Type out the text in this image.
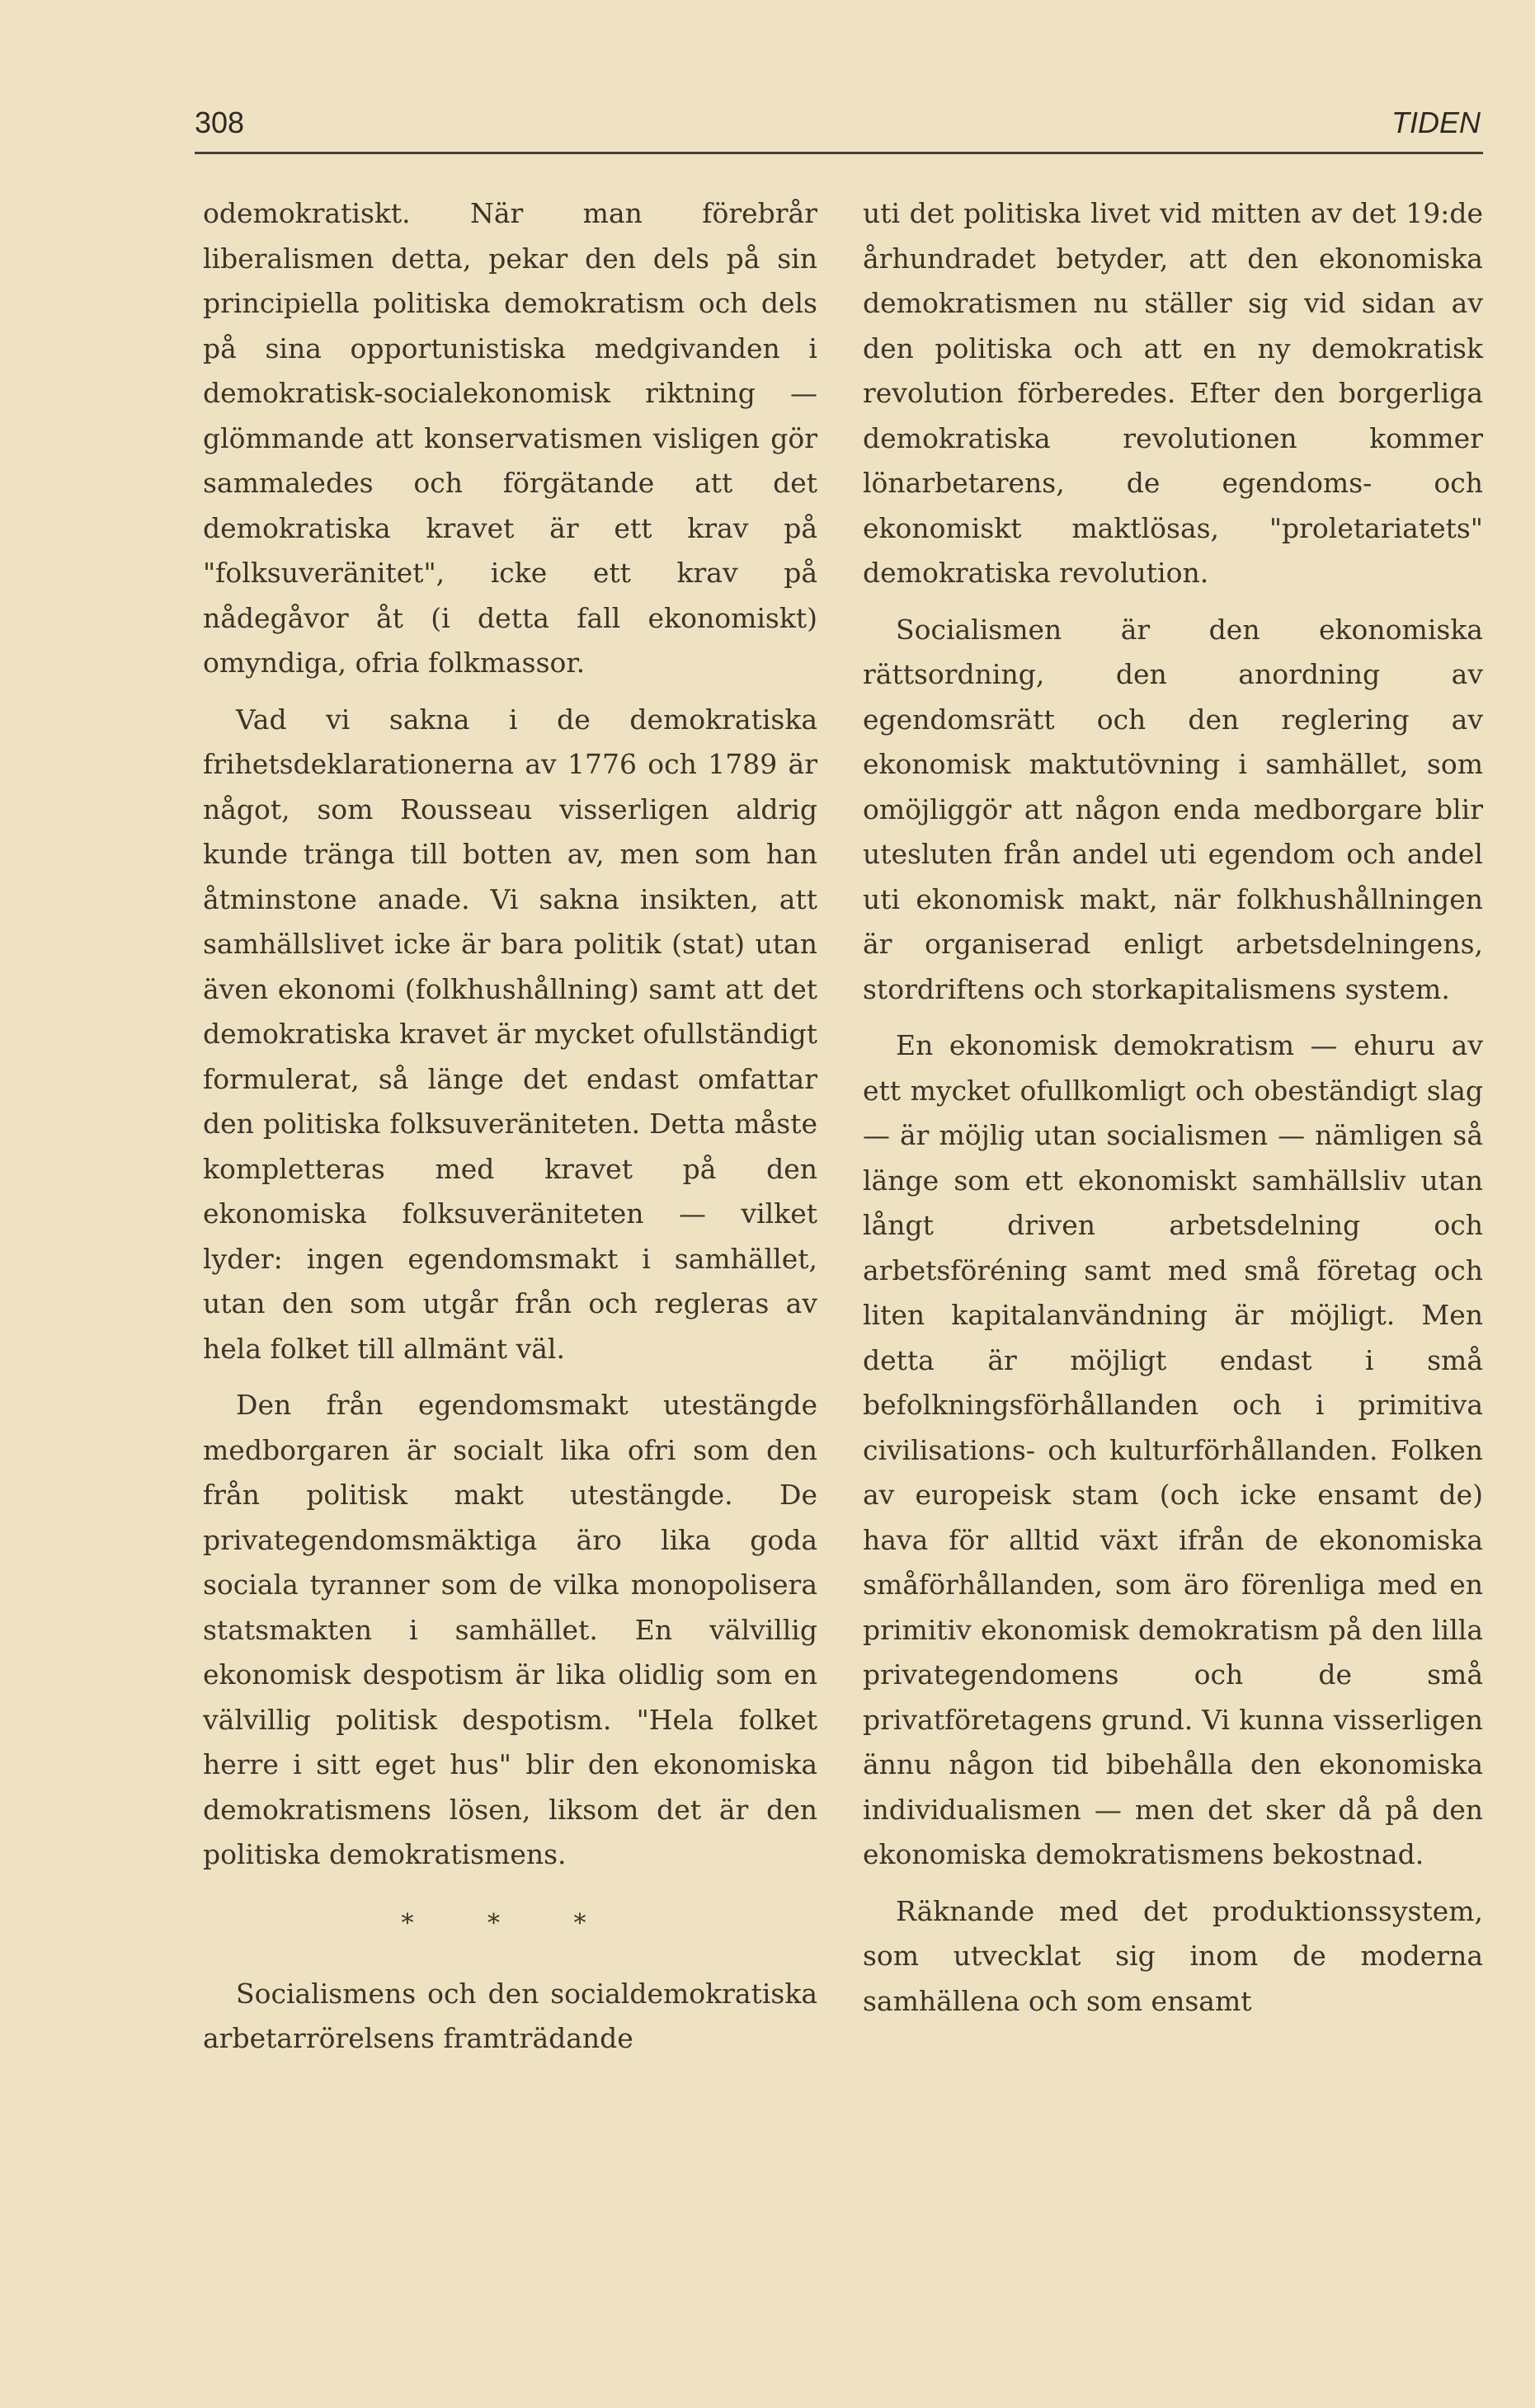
308	TIDEN

odemokratiskt. När man förebrår liberalismen detta, pekar den dels på sin principiella politiska demokratism och dels på sina opportunistiska medgivanden i demokratisk-socialekonomisk riktning — glömmande att konservatismen visligen gör sammaledes och förgätande att det demokratiska kravet är ett krav på "folksuveränitet", icke ett krav på nådegåvor åt (i detta fall ekonomiskt) omyndiga, ofria folkmassor.

Vad vi sakna i de demokratiska frihetsdeklarationerna av 1776 och 1789 är något, som Rousseau visserligen aldrig kunde tränga till botten av, men som han åtminstone anade. Vi sakna insikten, att samhällslivet icke är bara politik (stat) utan även ekonomi (folkhushållning) samt att det demokratiska kravet är mycket ofullständigt formulerat, så länge det endast omfattar den politiska folksuveräniteten. Detta måste kompletteras med kravet på den ekonomiska folksuveräniteten — vilket lyder: ingen egendomsmakt i samhället, utan den som utgår från och regleras av hela folket till allmänt väl.

Den från egendomsmakt utestängde medborgaren är socialt lika ofri som den från politisk makt utestängde. De privategendomsmäktiga äro lika goda sociala tyranner som de vilka monopolisera statsmakten i samhället. En välvillig ekonomisk despotism är lika olidlig som en välvillig politisk despotism. "Hela folket herre i sitt eget hus" blir den ekonomiska demokratismens lösen, liksom det är den politiska demokratismens.

* * *

Socialismens och den socialdemokratiska arbetarrörelsens framträdande

uti det politiska livet vid mitten av det 19:de århundradet betyder, att den ekonomiska demokratismen nu ställer sig vid sidan av den politiska och att en ny demokratisk revolution förberedes. Efter den borgerliga demokratiska revolutionen kommer lönarbetarens, de egendoms- och ekonomiskt maktlösas, "proletariatets" demokratiska revolution.

Socialismen är den ekonomiska rättsordning, den anordning av egendomsrätt och den reglering av ekonomisk maktutövning i samhället, som omöjliggör att någon enda medborgare blir utesluten från andel uti egendom och andel uti ekonomisk makt, när folkhushållningen är organiserad enligt arbetsdelningens, stordriftens och storkapitalismens system.

En ekonomisk demokratism — ehuru av ett mycket ofullkomligt och obeständigt slag — är möjlig utan socialismen — nämligen så länge som ett ekonomiskt samhällsliv utan långt driven arbetsdelning och arbetsföréning samt med små företag och liten kapitalanvändning är möjligt. Men detta är möjligt endast i små befolkningsförhållanden och i primitiva civilisations- och kulturförhållanden. Folken av europeisk stam (och icke ensamt de) hava för alltid växt ifrån de ekonomiska småförhållanden, som äro förenliga med en primitiv ekonomisk demokratism på den lilla privategendomens och de små privatföretagens grund. Vi kunna visserligen ännu någon tid bibehålla den ekonomiska individualismen — men det sker då på den ekonomiska demokratismens bekostnad.

Räknande med det produktionssystem, som utvecklat sig inom de moderna samhällena och som ensamt
